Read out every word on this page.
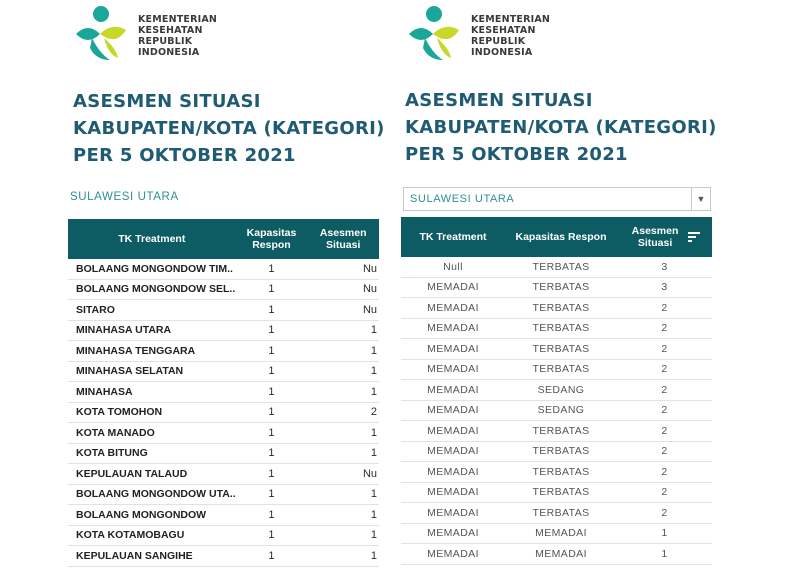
KEMENTERIAN
KESEHATAN
REPUBLIK
INDONESIA
ASESMEN SITUASI
KABUPATEN/KOTA (KATEGORI)
PER 5 OKTOBER 2021
SULAWESI UTARA
TK Treatment	Kapasitas Respon	Asesmen Situasi
BOLAANG MONGONDOW TIM..	1	Nu
BOLAANG MONGONDOW SEL..	1	Nu
SITARO	1	Nu
MINAHASA UTARA	1	1
MINAHASA TENGGARA	1	1
MINAHASA SELATAN	1	1
MINAHASA	1	1
KOTA TOMOHON	1	2
KOTA MANADO	1	1
KOTA BITUNG	1	1
KEPULAUAN TALAUD	1	Nu
BOLAANG MONGONDOW UTA..	1	1
BOLAANG MONGONDOW	1	1
KOTA KOTAMOBAGU	1	1
KEPULAUAN SANGIHE	1	1
KEMENTERIAN
KESEHATAN
REPUBLIK
INDONESIA
ASESMEN SITUASI
KABUPATEN/KOTA (KATEGORI)
PER 5 OKTOBER 2021
SULAWESI UTARA	▼
TK Treatment	Kapasitas Respon	Asesmen Situasi
Null	TERBATAS	3
MEMADAI	TERBATAS	3
MEMADAI	TERBATAS	2
MEMADAI	TERBATAS	2
MEMADAI	TERBATAS	2
MEMADAI	TERBATAS	2
MEMADAI	SEDANG	2
MEMADAI	SEDANG	2
MEMADAI	TERBATAS	2
MEMADAI	TERBATAS	2
MEMADAI	TERBATAS	2
MEMADAI	TERBATAS	2
MEMADAI	TERBATAS	2
MEMADAI	MEMADAI	1
MEMADAI	MEMADAI	1
